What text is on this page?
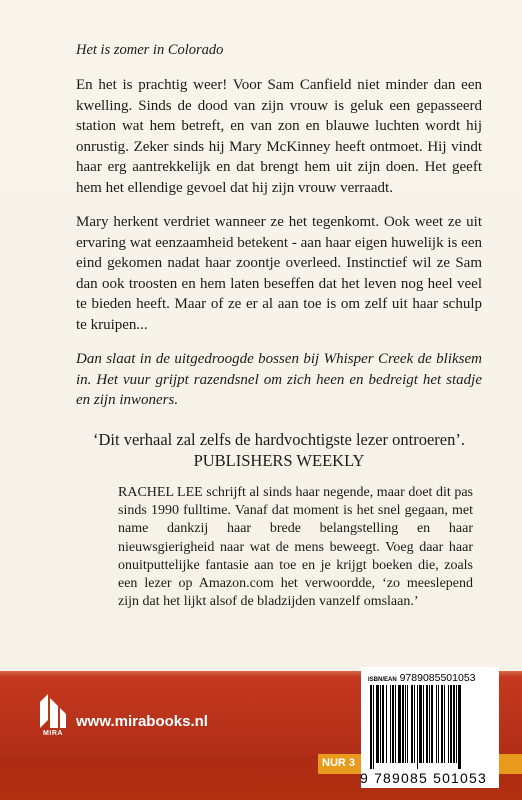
Het is zomer in Colorado

En het is prachtig weer! Voor Sam Canfield niet minder dan een kwelling. Sinds de dood van zijn vrouw is geluk een gepasseerd station wat hem betreft, en van zon en blauwe luchten wordt hij onrustig. Zeker sinds hij Mary McKinney heeft ontmoet. Hij vindt haar erg aantrekkelijk en dat brengt hem uit zijn doen. Het geeft hem het ellendige gevoel dat hij zijn vrouw verraadt.

Mary herkent verdriet wanneer ze het tegenkomt. Ook weet ze uit ervaring wat eenzaamheid betekent - aan haar eigen huwelijk is een eind gekomen nadat haar zoontje overleed. Instinctief wil ze Sam dan ook troosten en hem laten beseffen dat het leven nog heel veel te bieden heeft. Maar of ze er al aan toe is om zelf uit haar schulp te kruipen...

Dan slaat in de uitgedroogde bossen bij Whisper Creek de bliksem in. Het vuur grijpt razendsnel om zich heen en bedreigt het stadje en zijn inwoners.

‘Dit verhaal zal zelfs de hardvochtigste lezer ontroeren’.
PUBLISHERS WEEKLY

RACHEL LEE schrijft al sinds haar negende, maar doet dit pas sinds 1990 fulltime. Vanaf dat moment is het snel gegaan, met name dankzij haar brede belangstelling en haar nieuwsgierigheid naar wat de mens beweegt. Voeg daar haar onuitputtelijke fantasie aan toe en je krijgt boeken die, zoals een lezer op Amazon.com het verwoordde, ‘zo meeslepend zijn dat het lijkt alsof de bladzijden vanzelf omslaan.’

MIRA
www.mirabooks.nl
NUR 3
ISBN/EAN 9789085501053
9 789085 501053
